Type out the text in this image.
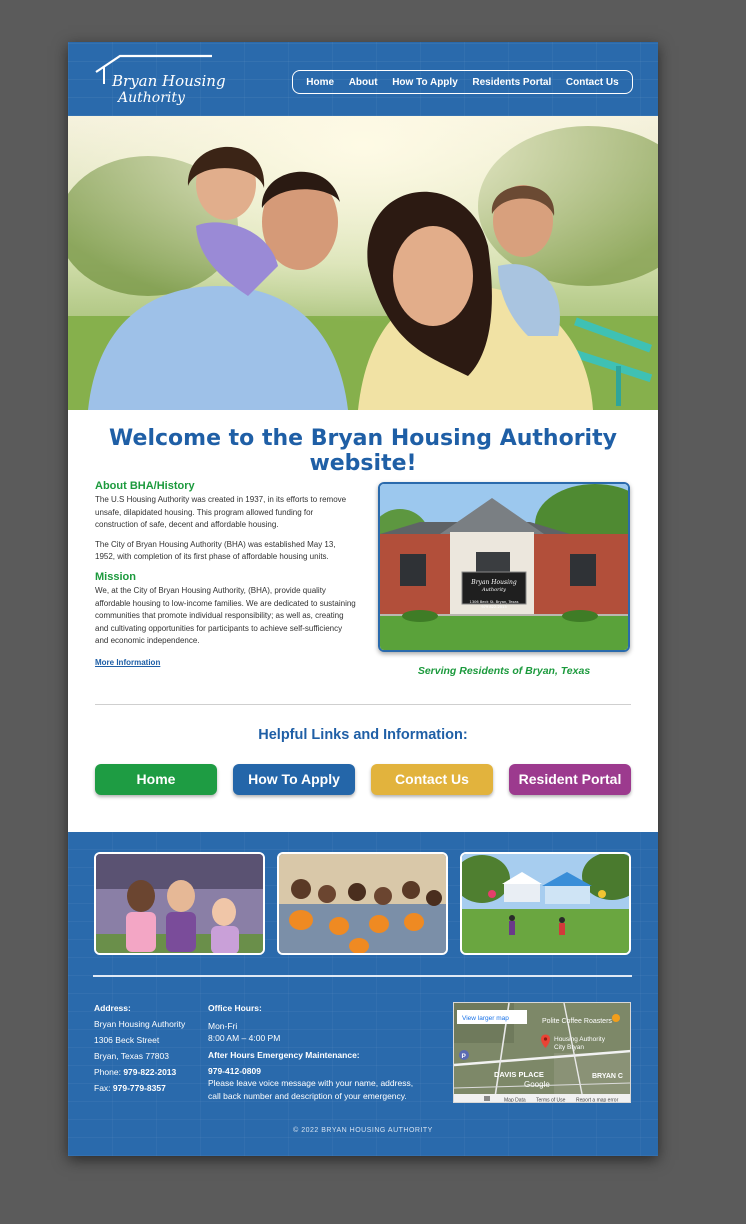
Bryan Housing
Authority
Home About How To Apply Residents Portal Contact Us
Welcome to the Bryan Housing Authority website!
About BHA/History

The U.S Housing Authority was created in 1937, in its efforts to remove unsafe, dilapidated housing. This program allowed funding for construction of safe, decent and affordable housing.

The City of Bryan Housing Authority (BHA) was established May 13, 1952, with completion of its first phase of affordable housing units.

Mission

We, at the City of Bryan Housing Authority, (BHA), provide quality affordable housing to low-income families. We are dedicated to sustaining communities that promote individual responsibility; as well as, creating and cultivating opportunities for participants to achieve self-sufficiency and economic independence.

More Information
Bryan Housing
Authority
1306 Beck St. Bryan, Texas
979 822-2013
Serving Residents of Bryan, Texas
Helpful Links and Information:
Home	How To Apply	Contact Us	Resident Portal
Address:
Bryan Housing Authority
1306 Beck Street
Bryan, Texas 77803
Phone: 979-822-2013
Fax: 979-779-8357
Office Hours:
Mon-Fri
8:00 AM – 4:00 PM
After Hours Emergency Maintenance:
979-412-0809
Please leave voice message with your name, address, call back number and description of your emergency.
View larger map	Polite Coffee Roasters
Housing Authority
City Bryan
P
DAVIS PLACE
Google
BRYAN C
Map Data Terms of Use Report a map error
© 2022 BRYAN HOUSING AUTHORITY
